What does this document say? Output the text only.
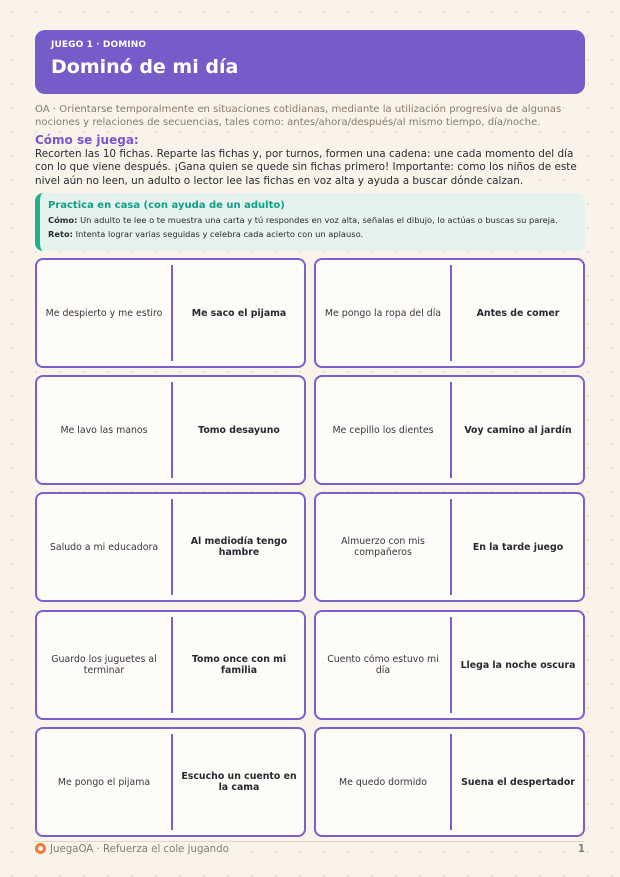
JUEGO 1 · DOMINO
Dominó de mi día
OA · Orientarse temporalmente en situaciones cotidianas, mediante la utilización progresiva de algunas nociones y relaciones de secuencias, tales como: antes/ahora/después/al mismo tiempo, día/noche.
Cómo se juega:
Recorten las 10 fichas. Reparte las fichas y, por turnos, formen una cadena: une cada momento del día con lo que viene después. ¡Gana quien se quede sin fichas primero! Importante: como los niños de este nivel aún no leen, un adulto o lector lee las fichas en voz alta y ayuda a buscar dónde calzan.
Practica en casa (con ayuda de un adulto)
Cómo: Un adulto te lee o te muestra una carta y tú respondes en voz alta, señalas el dibujo, lo actúas o buscas su pareja.
Reto: Intenta lograr varias seguidas y celebra cada acierto con un aplauso.
Me despierto y me estiro	Me saco el pijama	Me pongo la ropa del día	Antes de comer
Me lavo las manos	Tomo desayuno	Me cepillo los dientes	Voy camino al jardín
Saludo a mi educadora	Al mediodía tengo hambre
Almuerzo con mis compañeros	En la tarde juego
Guardo los juguetes al terminar
Tomo once con mi familia
Cuento cómo estuvo mi día	Llega la noche oscura
Me pongo el pijama	Escucho un cuento en la cama	Me quedo dormido	Suena el despertador
JuegaOA · Refuerza el cole jugando	1
